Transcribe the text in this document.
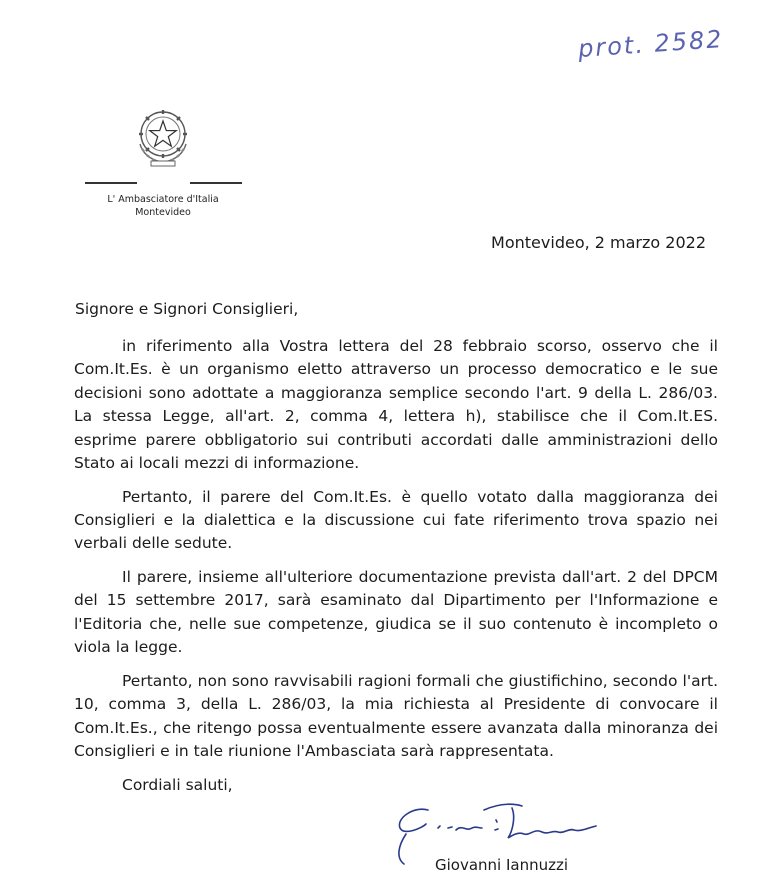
prot. 2582
L' Ambasciatore d'Italia
Montevideo
Montevideo, 2 marzo 2022
Signore e Signori Consiglieri,

in riferimento alla Vostra lettera del 28 febbraio scorso, osservo che il Com.It.Es. è un organismo eletto attraverso un processo democratico e le sue decisioni sono adottate a maggioranza semplice secondo l'art. 9 della L. 286/03. La stessa Legge, all'art. 2, comma 4, lettera h), stabilisce che il Com.It.ES. esprime parere obbligatorio sui contributi accordati dalle amministrazioni dello Stato ai locali mezzi di informazione.

Pertanto, il parere del Com.It.Es. è quello votato dalla maggioranza dei Consiglieri e la dialettica e la discussione cui fate riferimento trova spazio nei verbali delle sedute.

Il parere, insieme all'ulteriore documentazione prevista dall'art. 2 del DPCM del 15 settembre 2017, sarà esaminato dal Dipartimento per l'Informazione e l'Editoria che, nelle sue competenze, giudica se il suo contenuto è incompleto o viola la legge.

Pertanto, non sono ravvisabili ragioni formali che giustifichino, secondo l'art. 10, comma 3, della L. 286/03, la mia richiesta al Presidente di convocare il Com.It.Es., che ritengo possa eventualmente essere avanzata dalla minoranza dei Consiglieri e in tale riunione l'Ambasciata sarà rappresentata.

Cordiali saluti,

Giovanni Iannuzzi
